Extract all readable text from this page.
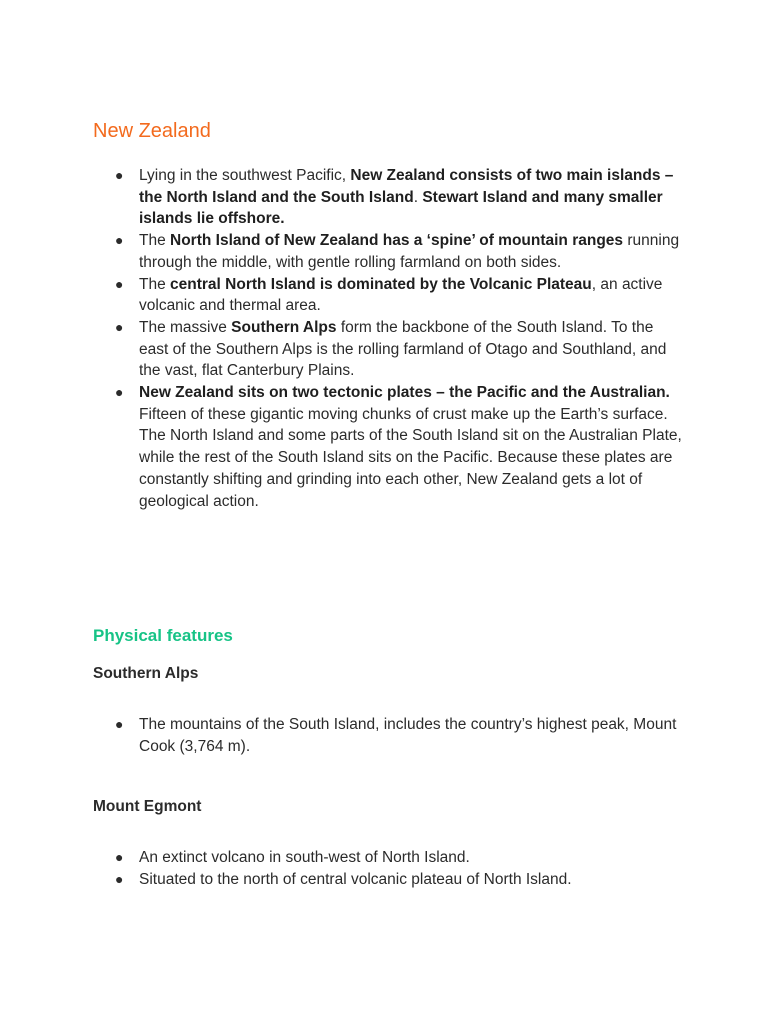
New Zealand
● Lying in the southwest Pacific, New Zealand consists of two main islands – the North Island and the South Island. Stewart Island and many smaller islands lie offshore.
● The North Island of New Zealand has a ‘spine’ of mountain ranges running through the middle, with gentle rolling farmland on both sides.
● The central North Island is dominated by the Volcanic Plateau, an active volcanic and thermal area.
● The massive Southern Alps form the backbone of the South Island. To the east of the Southern Alps is the rolling farmland of Otago and Southland, and the vast, flat Canterbury Plains.
● New Zealand sits on two tectonic plates – the Pacific and the Australian. Fifteen of these gigantic moving chunks of crust make up the Earth’s surface. The North Island and some parts of the South Island sit on the Australian Plate, while the rest of the South Island sits on the Pacific. Because these plates are constantly shifting and grinding into each other, New Zealand gets a lot of geological action.
Physical features
Southern Alps
● The mountains of the South Island, includes the country’s highest peak, Mount Cook (3,764 m).
Mount Egmont
● An extinct volcano in south-west of North Island.
● Situated to the north of central volcanic plateau of North Island.
